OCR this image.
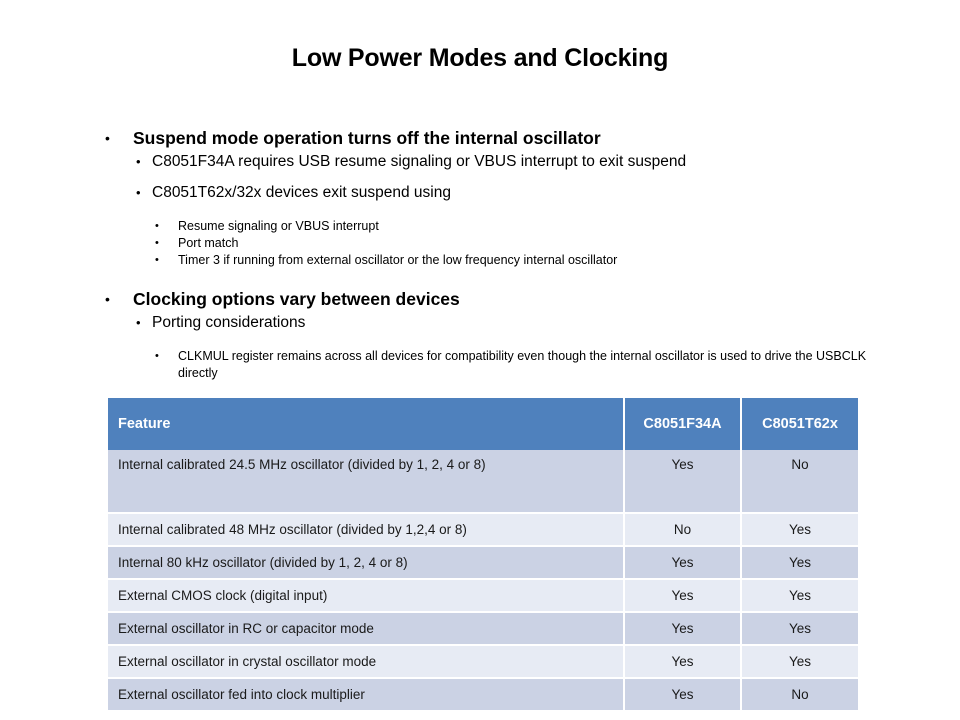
Low Power Modes and Clocking
• Suspend mode operation turns off the internal oscillator
• C8051F34A requires USB resume signaling or VBUS interrupt to exit suspend
• C8051T62x/32x devices exit suspend using
• Resume signaling or VBUS interrupt
• Port match
• Timer 3 if running from external oscillator or the low frequency internal oscillator
• Clocking options vary between devices
• Porting considerations
• CLKMUL register remains across all devices for compatibility even though the internal oscillator is used to drive the USBCLK directly
Feature	C8051F34A	C8051T62x
Internal calibrated 24.5 MHz oscillator (divided by 1, 2, 4 or 8)	Yes	No
Internal calibrated 48 MHz oscillator (divided by 1,2,4 or 8)	No	Yes
Internal 80 kHz oscillator (divided by 1, 2, 4 or 8)	Yes	Yes
External CMOS clock (digital input)	Yes	Yes
External oscillator in RC or capacitor mode	Yes	Yes
External oscillator in crystal oscillator mode	Yes	Yes
External oscillator fed into clock multiplier	Yes	No
